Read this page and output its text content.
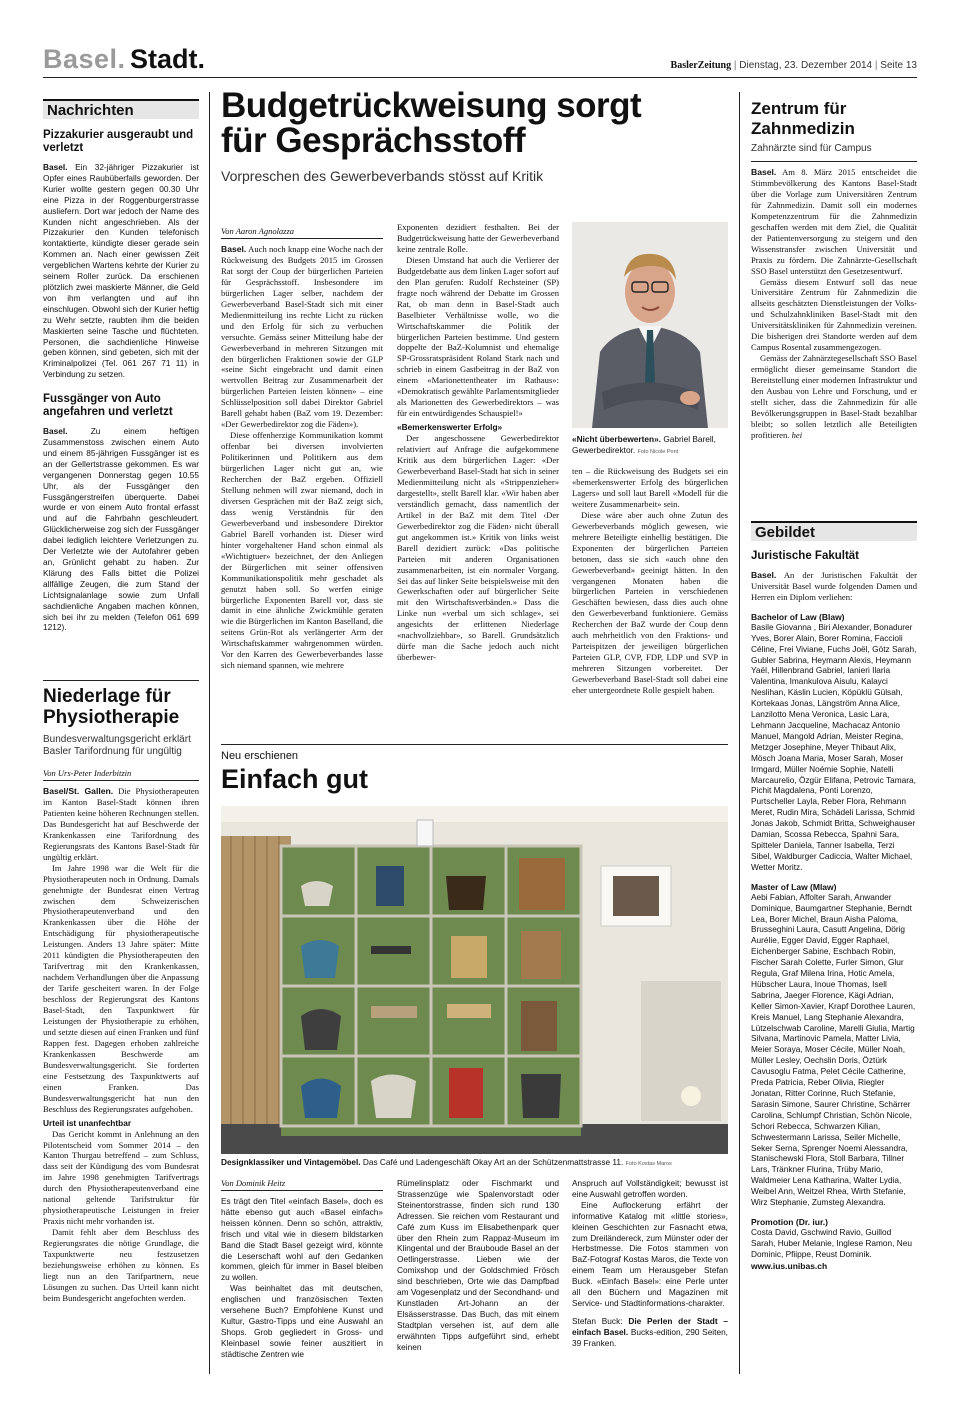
Basel. Stadt.	BaslerZeitung | Dienstag, 23. Dezember 2014 | Seite 13
Nachrichten
Pizzakurier ausgeraubt und verletzt
Basel. Ein 32-jähriger Pizzakurier ist Opfer eines Raubüberfalls geworden. Der Kurier wollte gestern gegen 00.30 Uhr eine Pizza in der Roggenburgerstrasse ausliefern. Dort war jedoch der Name des Kunden nicht angeschrieben. Als der Pizzakurier den Kunden telefonisch kontaktierte, kündigte dieser gerade sein Kommen an. Nach einer gewissen Zeit vergeblichen Wartens kehrte der Kurier zu seinem Roller zurück. Da erschienen plötzlich zwei maskierte Männer, die Geld von ihm verlangten und auf ihn einschlugen. Obwohl sich der Kurier heftig zu Wehr setzte, raubten ihm die beiden Maskierten seine Tasche und flüchteten. Personen, die sachdienliche Hinweise geben können, sind gebeten, sich mit der Kriminalpolizei (Tel. 061 267 71 11) in Verbindung zu setzen.
Fussgänger von Auto angefahren und verletzt
Basel.	Zu einem heftigen Zusammenstoss zwischen einem Auto und einem 85-jährigen Fussgänger ist es an der Gellertstrasse gekommen. Es war vergangenen Donnerstag gegen 10.55 Uhr, als der Fussgänger den Fussgängerstreifen überquerte. Dabei wurde er von einem Auto frontal erfasst und auf die Fahrbahn geschleudert. Glücklicherweise zog sich der Fussgänger dabei lediglich leichtere Verletzungen zu. Der Verletzte wie der Autofahrer geben an, Grünlicht gehabt zu haben. Zur Klärung des Falls bittet die Polizei allfällige Zeugen, die zum Stand der Lichtsignalanlage sowie zum Unfall sachdienliche Angaben machen können, sich bei ihr zu melden (Telefon 061 699 1212).
Niederlage für Physiotherapie
Bundesverwaltungsgericht erklärt Basler Tarifordnung für ungültig
Von Urs-Peter Inderbitzin

Basel/St. Gallen. Die Physiotherapeuten im Kanton Basel-Stadt können ihren Patienten keine höheren Rechnungen stellen. Das Bundesgericht hat auf Beschwerde der Krankenkassen eine Tarifordnung des Regierungsrats des Kantons Basel-Stadt für ungültig erklärt.

Im Jahre 1998 war die Welt für die Physiotherapeuten noch in Ordnung. Damals genehmigte der Bundesrat einen Vertrag zwischen dem Schweizerischen Physiotherapeutenverband und den Krankenkassen über die Höhe der Entschädigung für physiotherapeutische Leistungen. Anders 13 Jahre später: Mitte 2011 kündigten die Physiotherapeuten den Tarifvertrag mit den Krankenkassen, nachdem Verhandlungen über die Anpassung der Tarife gescheitert waren. In der Folge beschloss der Regierungsrat des Kantons Basel-Stadt, den Taxpunktwert für Leistungen der Physiotherapie zu erhöhen, und setzte diesen auf einen Franken und fünf Rappen fest. Dagegen erhoben zahlreiche Krankenkassen Beschwerde am Bundesverwaltungsgericht. Sie forderten eine Festsetzung des Taxpunktwerts auf einen Franken. Das Bundesverwaltungsgericht hat nun den Beschluss des Regierungsrates aufgehoben.

Urteil ist unanfechtbar

Das Gericht kommt in Anlehnung an den Pilotentscheid vom Sommer 2014 – den Kanton Thurgau betreffend – zum Schluss, dass seit der Kündigung des vom Bundesrat im Jahre 1998 genehmigten Tarifvertrags durch den Physiotherapeutenverband eine national geltende Tarifstruktur für physiotherapeutische Leistungen in freier Praxis nicht mehr vorhanden ist.

Damit fehlt aber dem Beschluss des Regierungsrates die nötige Grundlage, die Taxpunktwerte neu festzusetzen beziehungsweise erhöhen zu können. Es liegt nun an den Tarifpartnern, neue Lösungen zu suchen. Das Urteil kann nicht beim Bundesgericht angefochten werden.

Budgetrückweisung sorgt
für Gesprächsstoff
Vorpreschen des Gewerbeverbands stösst auf Kritik
Von Aaron Agnolazza

Basel. Auch noch knapp eine Woche nach der Rückweisung des Budgets 2015 im Grossen Rat sorgt der Coup der bürgerlichen Parteien für Gesprächsstoff. Insbesondere im bürgerlichen Lager selber, nachdem der Gewerbeverband Basel-Stadt sich mit einer Medienmitteilung ins rechte Licht zu rücken und den Erfolg für sich zu verbuchen versuchte. Gemäss seiner Mitteilung habe der Gewerbeverband in mehreren Sitzungen mit den bürgerlichen Fraktionen sowie der GLP «seine Sicht eingebracht und damit einen wertvollen Beitrag zur Zusammenarbeit der bürgerlichen Parteien leisten können» – eine Schlüsselposition soll dabei Direktor Gabriel Barell gehabt haben (BaZ vom 19. Dezember: «Der Gewerbedirektor zog die Fäden»).

Diese offenherzige Kommunikation kommt offenbar bei diversen involvierten Politikerinnen und Politikern aus dem bürgerlichen Lager nicht gut an, wie Recherchen der BaZ ergeben. Offiziell Stellung nehmen will zwar niemand, doch in diversen Gesprächen mit der BaZ zeigt sich, dass wenig Verständnis für den Gewerbeverband und insbesondere Direktor Gabriel Barell vorhanden ist. Dieser wird hinter vorgehaltener Hand schon einmal als «Wichtigtuer» bezeichnet, der den Anliegen der Bürgerlichen mit seiner offensiven Kommunikationspolitik mehr geschadet als genutzt haben soll. So werfen einige bürgerliche Exponenten Barell vor, dass sie damit in eine ähnliche Zwickmühle geraten wie die Bürgerlichen im Kanton Baselland, die seitens Grün-Rot als verlängerter Arm der Wirtschaftskammer wahrgenommen würden. Vor den Karren des Gewerbeverbandes lasse sich niemand spannen, wie mehrere

Exponenten dezidiert festhalten. Bei der Budgetrückweisung hatte der Gewerbeverband keine zentrale Rolle.

Diesen Umstand hat auch die Verlierer der Budgetdebatte aus dem linken Lager sofort auf den Plan gerufen: Rudolf Rechsteiner (SP) fragte noch während der Debatte im Grossen Rat, ob man denn in Basel-Stadt auch Baselbieter Verhältnisse wolle, wo die Wirtschaftskammer die Politik der bürgerlichen Parteien bestimme. Und gestern doppelte der BaZ-Kolumnist und ehemalige SP-Grossratspräsident Roland Stark nach und schrieb in einem Gastbeitrag in der BaZ von einem «Marionettentheater im Rathaus»: «Demokratisch gewählte Parlamentsmitglieder als Marionetten des Gewerbedirektors – was für ein entwürdigendes Schauspiel!»

«Bemerkenswerter Erfolg»

Der angeschossene Gewerbedirektor relativiert auf Anfrage die aufgekommene Kritik aus dem bürgerlichen Lager: «Der Gewerbeverband Basel-Stadt hat sich in seiner Medienmitteilung nicht als «Strippenzieher» dargestellt», stellt Barell klar. «Wir haben aber verständlich gemacht, dass namentlich der Artikel in der BaZ mit dem Titel ‹Der Gewerbedirektor zog die Fäden› nicht überall gut angekommen ist.» Kritik von links weist Barell dezidiert zurück: «Das politische Parteien mit anderen Organisationen zusammenarbeiten, ist ein normaler Vorgang. Sei das auf linker Seite beispielsweise mit den Gewerkschaften oder auf bürgerlicher Seite mit den Wirtschaftsverbänden.» Dass die Linke nun «verbal um sich schlage», sei angesichts der erlittenen Niederlage «nachvollziehbar», so Barell. Grundsätzlich dürfe man die Sache jedoch auch nicht überbewer-

«Nicht überbewerten». Gabriel Barell, Gewerbedirektor. Foto Nicole Pont

ten – die Rückweisung des Budgets sei ein «bemerkenswerter Erfolg des bürgerlichen Lagers» und soll laut Barell «Modell für die weitere Zusammenarbeit» sein.

Diese wäre aber auch ohne Zutun des Gewerbeverbands möglich gewesen, wie mehrere Beteiligte einhellig bestätigen. Die Exponenten der bürgerlichen Parteien betonen, dass sie sich «auch ohne den Gewerbeverband» geeinigt hätten. In den vergangenen Monaten haben die bürgerlichen Parteien in verschiedenen Geschäften bewiesen, dass dies auch ohne den Gewerbeverband funktioniere. Gemäss Recherchen der BaZ wurde der Coup denn auch mehrheitlich von den Fraktions- und Parteispitzen der jeweiligen bürgerlichen Parteien GLP, CVP, FDP, LDP und SVP in mehreren Sitzungen vorbereitet. Der Gewerbeverband Basel-Stadt soll dabei eine eher untergeordnete Rolle gespielt haben.

Neu erschienen
Einfach gut
Designklassiker und Vintagemöbel. Das Café und Ladengeschäft Okay Art an der Schützenmattstrasse 11. Foto Kostas Maros
Von Dominik Heitz

Es trägt den Titel «einfach Basel», doch es hätte ebenso gut auch «Basel einfach» heissen können. Denn so schön, attraktiv, frisch und vital wie in diesem bildstarken Band die Stadt Basel gezeigt wird, könnte die Leserschaft wohl auf den Gedanken kommen, gleich für immer in Basel bleiben zu wollen.

Was beinhaltet das mit deutschen, englischen und französischen Texten versehene Buch? Empfohlene Kunst und Kultur, Gastro-Tipps und eine Auswahl an Shops. Grob gegliedert in Gross- und Kleinbasel sowie feiner auszitiert in städtische Zentren wie

Rümelinsplatz oder Fischmarkt und Strassenzüge wie Spalenvorstadt oder Steinentorstrasse, finden sich rund 130 Adressen. Sie reichen vom Restaurant und Café zum Kuss im Elisabethenpark quer über den Rhein zum Rappaz-Museum im Klingental und der Brauboude Basel an der Oetlingerstrasse. Lieben wie der Comixshop und der Goldschmied Frösch sind beschrieben, Orte wie das Dampfbad am Vogesenplatz und der Secondhand- und Kunstladen Art-Johann an der Elsässerstrasse. Das Buch, das mit einem Stadtplan versehen ist, auf dem alle erwähnten Tipps aufgeführt sind, erhebt keinen

Anspruch auf Vollständigkeit; bewusst ist eine Auswahl getroffen worden.

Eine Auflockerung erfährt der informative Katalog mit «little stories», kleinen Geschichten zur Fasnacht etwa, zum Dreiländereck, zum Münster oder der Herbstmesse. Die Fotos stammen von BaZ-Fotograf Kostas Maros, die Texte von einem Team um Herausgeber Stefan Buck. «Einfach Basel»: eine Perle unter all den Büchern und Magazinen mit Service- und Stadtinformations-charakter.

Stefan Buck: Die Perlen der Stadt – einfach Basel. Bucks-edition, 290 Seiten, 39 Franken.

Zentrum für Zahnmedizin
Zahnärzte sind für Campus

Basel. Am 8. März 2015 entscheidet die Stimmbevölkerung des Kantons Basel-Stadt über die Vorlage zum Universitären Zentrum für Zahnmedizin. Damit soll ein modernes Kompetenzzentrum für die Zahnmedizin geschaffen werden mit dem Ziel, die Qualität der Patientenversorgung zu steigern und den Wissenstransfer zwischen Universität und Praxis zu fördern. Die Zahnärzte-Gesellschaft SSO Basel unterstützt den Gesetzesentwurf.

Gemäss diesem Entwurf soll das neue Universitäre Zentrum für Zahnmedizin die allseits geschätzten Dienstleistungen der Volks- und Schulzahnkliniken Basel-Stadt mit den Universitätskliniken für Zahnmedizin vereinen. Die bisherigen drei Standorte werden auf dem Campus Rosental zusammengezogen.

Gemäss der Zahnärztegesellschaft SSO Basel ermöglicht dieser gemeinsame Standort die Bereitstellung einer modernen Infrastruktur und den Ausbau von Lehre und Forschung, und er stellt sicher, dass die Zahnmedizin für alle Bevölkerungsgruppen in Basel-Stadt bezahlbar bleibt; so sollen letztlich alle Beteiligten profitieren. hei

Gebildet
Juristische Fakultät

Basel. An der Juristischen Fakultät der Universität Basel wurde folgenden Damen und Herren ein Diplom verliehen:

Bachelor of Law (Blaw)
Basile Giovanna , Biri Alexander, Bonadurer Yves, Borer Alain, Borer Romina, Faccioli Céline, Frei Viviane, Fuchs Joël, Götz Sarah, Gubler Sabrina, Heymann Alexis, Heymann Yaël, Hillenbrand Gabriel, Ianieri Ilaria Valentina, Imankulova Aisulu, Kalayci Neslihan, Käslin Lucien, Köpüklü Gülsah, Kortekaas Jonas, Längström Anna Alice, Lanzilotto Mena Veronica, Lasic Lara, Lehmann Jacqueline, Machacaz Antonio Manuel, Mangold Adrian, Meister Regina, Metzger Josephine, Meyer Thibaut Alix, Mösch Joana Maria, Moser Sarah, Moser Irmgard, Müller Noémie Sophie, Natelli Marcaurelio, Özgür Elifana, Petrovic Tamara, Pichit Magdalena, Ponti Lorenzo, Purtscheller Layla, Reber Flora, Rehmann Meret, Rudin Mira, Schädeli Larissa, Schmid Jonas Jakob, Schmidt Britta, Schweighauser Damian, Scossa Rebecca, Spahni Sara, Spitteler Daniela, Tanner Isabella, Terzi Sibel, Waldburger Cadiccia, Walter Michael, Wetter Moritz.
Master of Law (Mlaw)
Aebi Fabian, Affolter Sarah, Anwander Dominique, Baumgartner Stephanie, Berndt Lea, Borer Michel, Braun Aisha Paloma, Brusseghini Laura, Casutt Angelina, Dörig Aurélie, Egger David, Egger Raphael, Eichenberger Sabine, Eschbach Robin, Fischer Sarah Colette, Furler Simon, Glur Regula, Graf Milena Irina, Hotic Amela, Hübscher Laura, Inoue Thomas, Isell Sabrina, Jaeger Florence, Kägi Adrian, Keller Simon-Xavier, Krapf Dorothee Lauren, Kreis Manuel, Lang Stephanie Alexandra, Lützelschwab Caroline, Marelli Giulia, Martig Silvana, Martinovic Pamela, Matter Livia, Meier Soraya, Moser Cécile, Müller Noah, Müller Lesley, Oechslin Doris, Öztürk Cavusoglu Fatma, Pelet Cécile Catherine, Preda Patricia, Reber Olivia, Riegler Jonatan, Ritter Corinne, Ruch Stefanie, Sarasin Simone, Saurer Christine, Schärrer Carolina, Schlumpf Christian, Schön Nicole, Schori Rebecca, Schwarzen Kilian, Schwestermann Larissa, Seiler Michelle, Seker Serna, Sprenger Noemi Alessandra, Stanischewski Flora, Stoll Barbara, Tillner Lars, Tränkner Flurina, Trüby Mario, Waldmeier Lena Katharina, Walter Lydia, Weibel Ann, Weitzel Rhea, Wirth Stefanie, Wirz Stephanie, Zumsteg Alexandra.
Promotion (Dr. iur.)
Costa David, Gschwind Ravio, Guillod Sarah, Huber Melanie, Inglese Ramon, Neu Dominic, Pfiippe, Reust Dominik.
www.ius.unibas.ch
